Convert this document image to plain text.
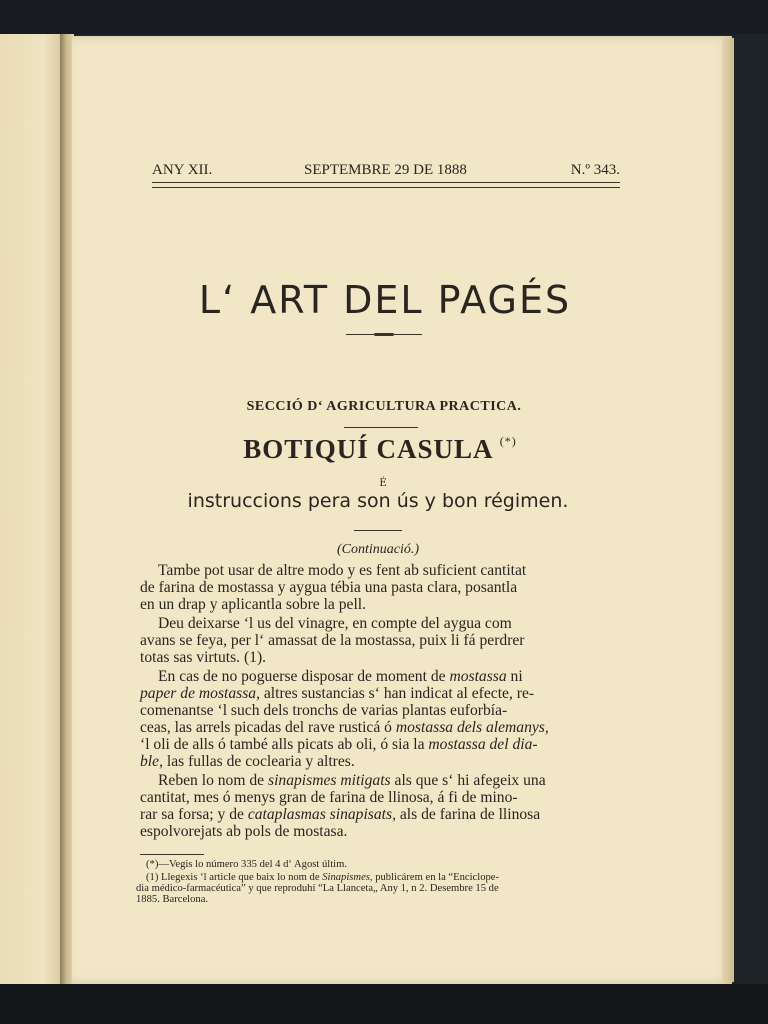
ANY XII.	SEPTEMBRE 29 DE 1888	N.º 343.
L‘ ART DEL PAGÉS
SECCIÓ D‘ AGRICULTURA PRACTICA.
BOTIQUÍ CASULA (*)
É
instruccions pera son ús y bon régimen.
(Continuació.)
Tambe pot usar de altre modo y es fent ab suficient cantitat
de farina de mostassa y aygua tébia una pasta clara, posantla
en un drap y aplicantla sobre la pell.
Deu deixarse ‘l us del vinagre, en compte del aygua com
avans se feya, per l‘ amassat de la mostassa, puix li fá perdrer
totas sas virtuts. (1).
En cas de no poguerse disposar de moment de mostassa ni
paper de mostassa, altres sustancias s‘ han indicat al efecte, re-
comenantse ‘l such dels tronchs de varias plantas euforbía-
ceas, las arrels picadas del rave rusticá ó mostassa dels alemanys,
‘l oli de alls ó també alls picats ab oli, ó sia la mostassa del dia-
ble, las fullas de coclearia y altres.
Reben lo nom de sinapismes mitigats als que s‘ hi afegeix una
cantitat, mes ó menys gran de farina de llinosa, á fi de mino-
rar sa forsa; y de cataplasmas sinapisats, als de farina de llinosa
espolvorejats ab pols de mostasa.
(*)—Vegis lo número 335 del 4 d‘ Agost últim.
(1) Llegexis ‘l article que baix lo nom de Sinapismes, publicárem en la “Enciclope-
dia médico-farmacéutica” y que reproduhí “La Llanceta„ Any 1, n 2. Desembre 15 de
1885. Barcelona.
